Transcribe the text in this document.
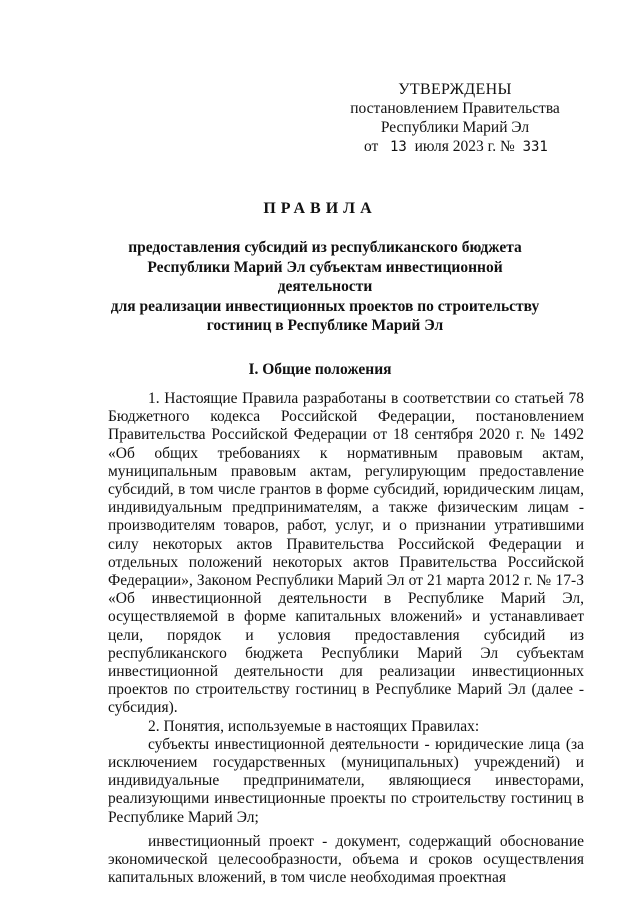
УТВЕРЖДЕНЫ
постановлением Правительства
Республики Марий Эл
от 13 июля 2023 г. № 331
ПРАВИЛА
предоставления субсидий из республиканского бюджета
Республики Марий Эл субъектам инвестиционной деятельности
для реализации инвестиционных проектов по строительству
гостиниц в Республике Марий Эл
I. Общие положения

1. Настоящие Правила разработаны в соответствии со статьей 78 Бюджетного кодекса Российской Федерации, постановлением Правительства Российской Федерации от 18 сентября 2020 г. № 1492 «Об общих требованиях к нормативным правовым актам, муниципальным правовым актам, регулирующим предоставление субсидий, в том числе грантов в форме субсидий, юридическим лицам, индивидуальным предпринимателям, а также физическим лицам - производителям товаров, работ, услуг, и о признании утратившими силу некоторых актов Правительства Российской Федерации и отдельных положений некоторых актов Правительства Российской Федерации», Законом Республики Марий Эл от 21 марта 2012 г. № 17-З «Об инвестиционной деятельности в Республике Марий Эл, осуществляемой в форме капитальных вложений» и устанавливает цели, порядок и условия предоставления субсидий из республиканского бюджета Республики Марий Эл субъектам инвестиционной деятельности для реализации инвестиционных проектов по строительству гостиниц в Республике Марий Эл (далее - субсидия).

2. Понятия, используемые в настоящих Правилах:

субъекты инвестиционной деятельности - юридические лица (за исключением государственных (муниципальных) учреждений) и индивидуальные предприниматели, являющиеся инвесторами, реализующими инвестиционные проекты по строительству гостиниц в Республике Марий Эл;

инвестиционный проект - документ, содержащий обоснование экономической целесообразности, объема и сроков осуществления капитальных вложений, в том числе необходимая проектная
